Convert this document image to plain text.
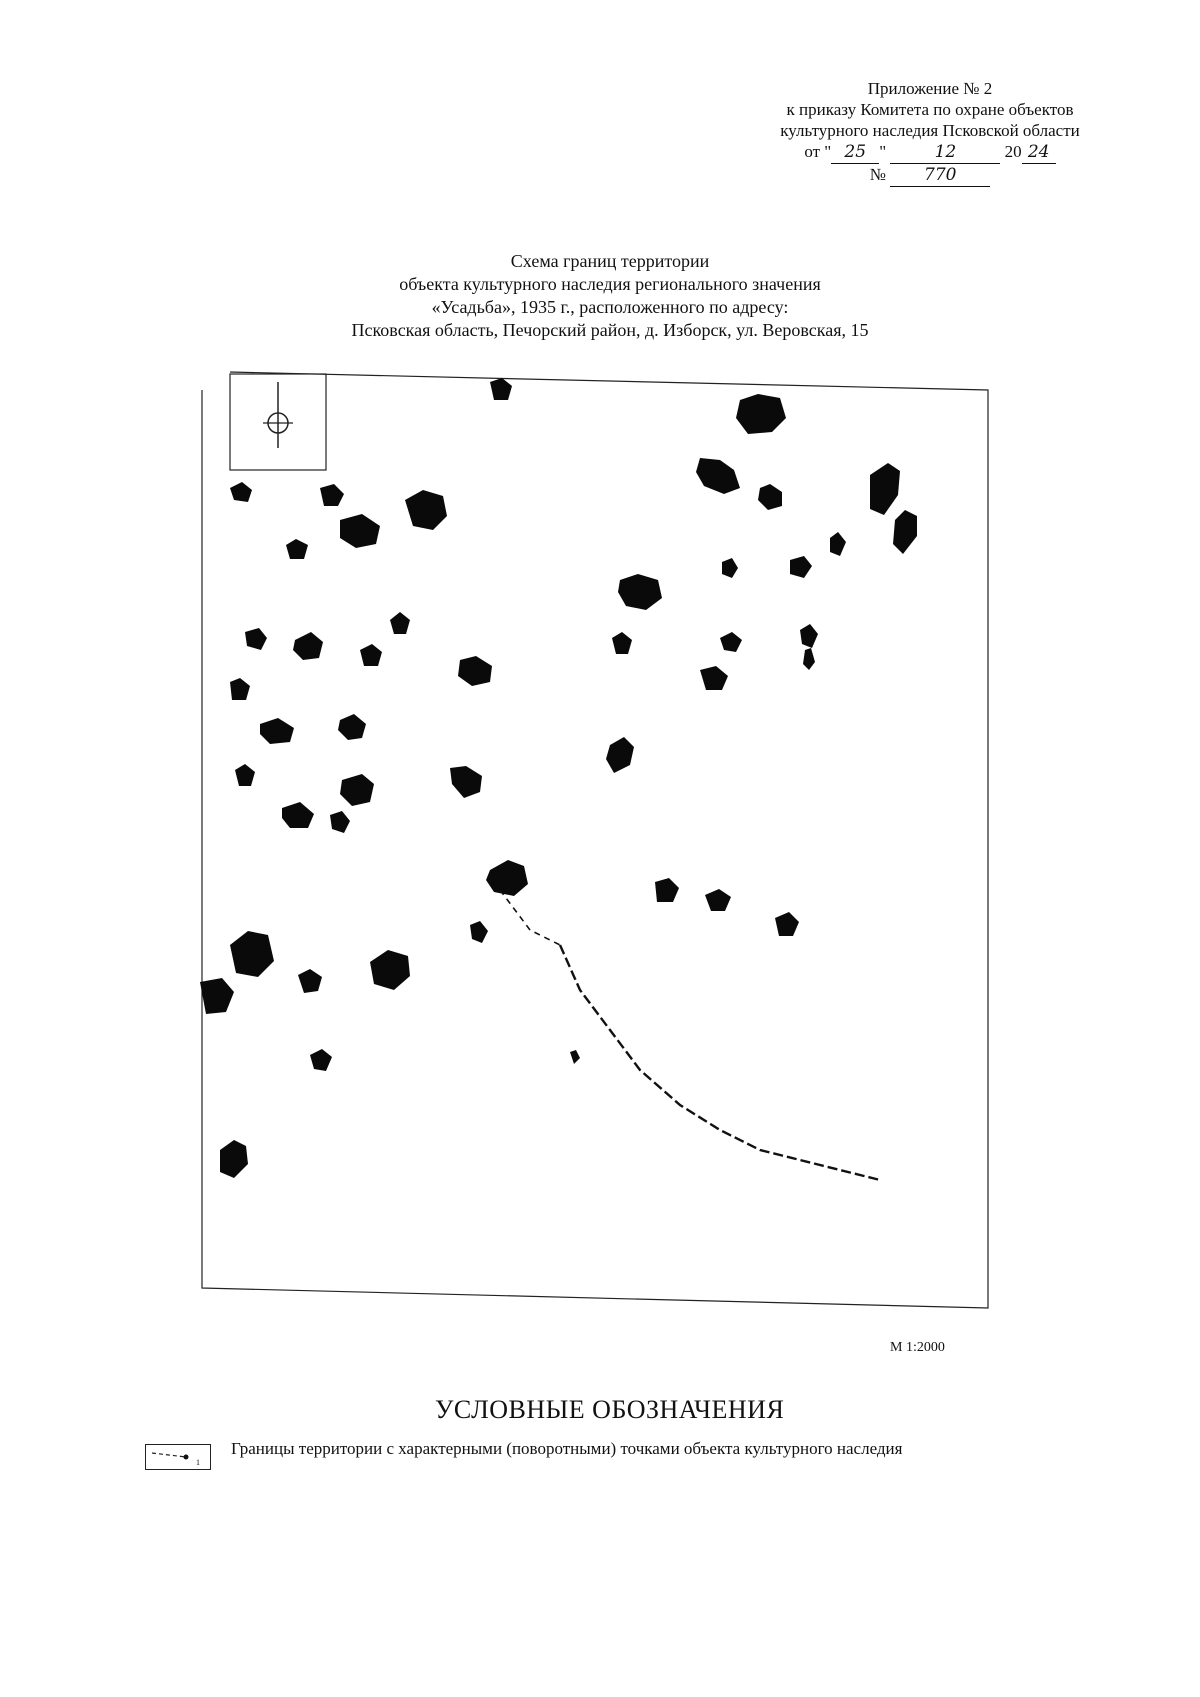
Приложение № 2
к приказу Комитета по охране объектов
культурного наследия Псковской области
от " 25 "	12	20 24
№ 770
Схема границ территории
объекта культурного наследия регионального значения
«Усадьба», 1935 г., расположенного по адресу:
Псковская область, Печорский район, д. Изборск, ул. Веровская, 15
М 1:2000
УСЛОВНЫЕ ОБОЗНАЧЕНИЯ
1
Границы территории с характерными (поворотными) точками объекта культурного наследия
